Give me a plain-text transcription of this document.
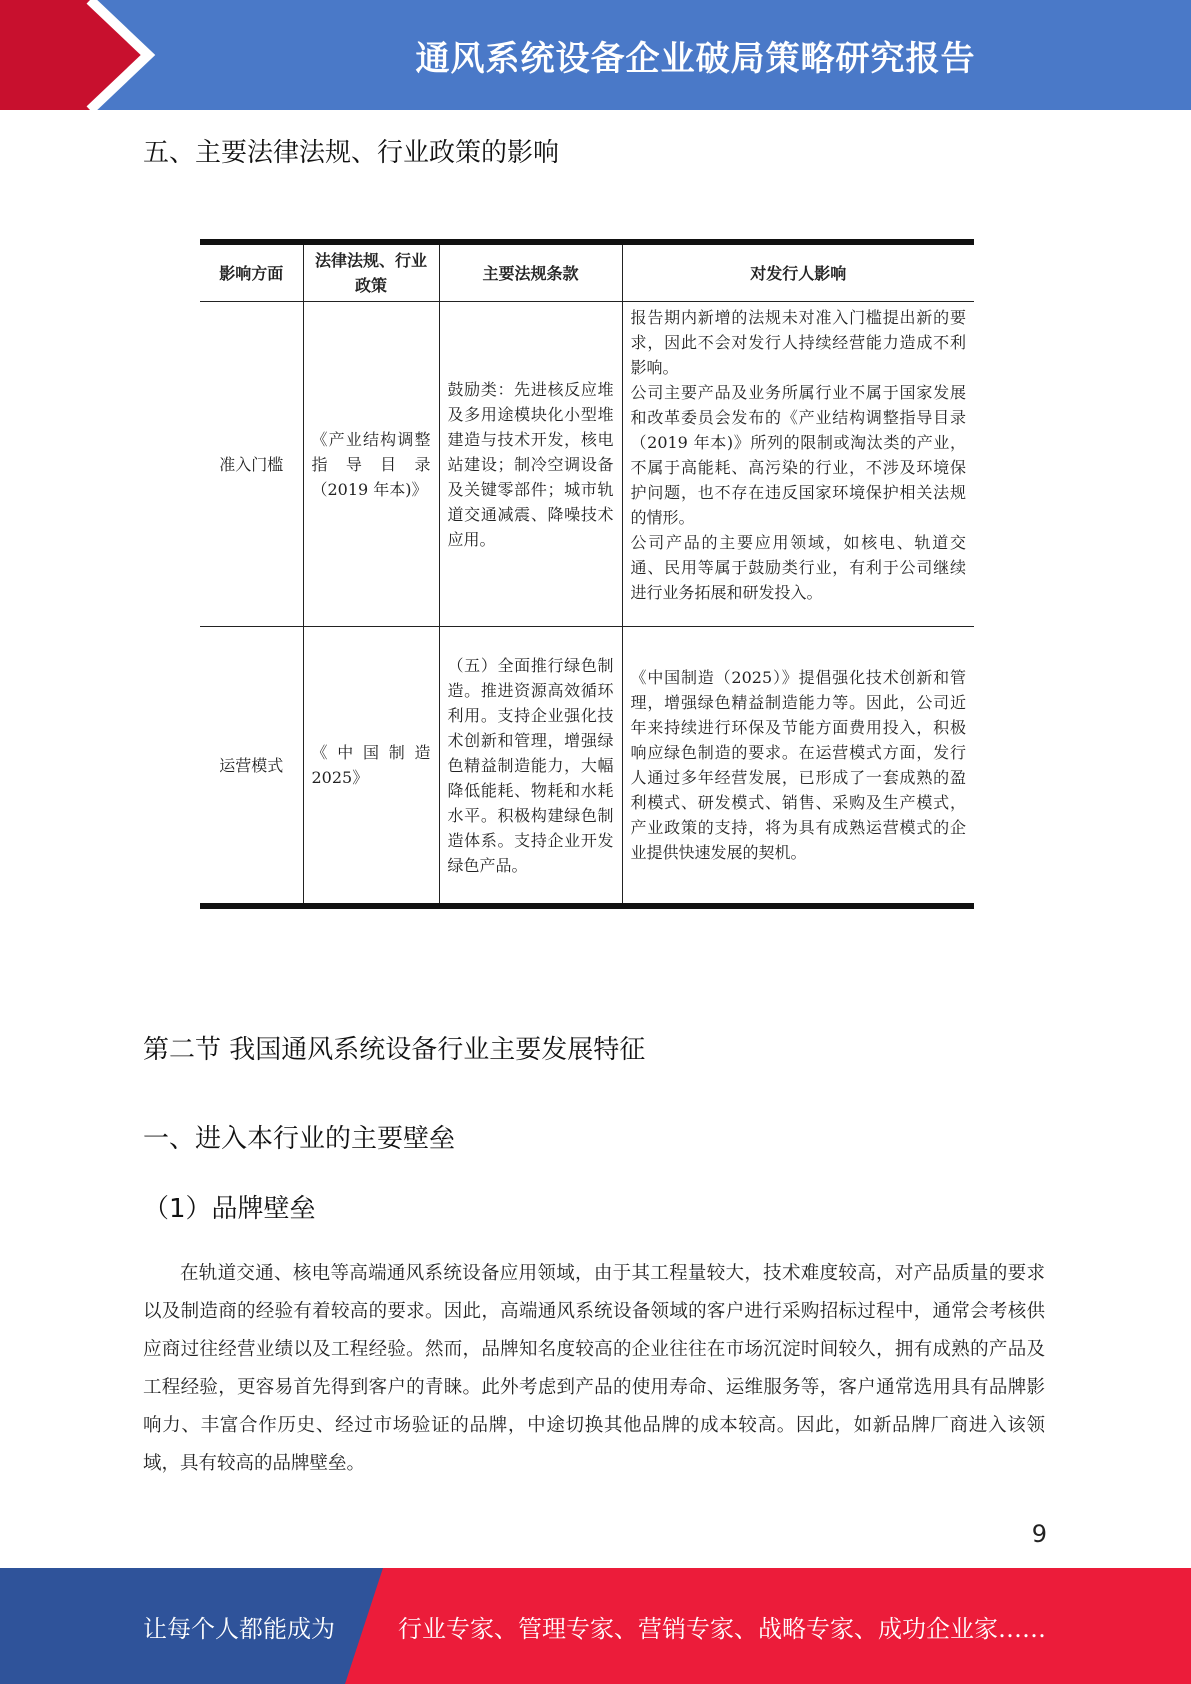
通风系统设备企业破局策略研究报告
五、主要法律法规、行业政策的影响
影响方面	法律法规、行业政策	主要法规条款	对发行人影响
准入门槛	《产业结构调整指导目录（2019 年本)》	鼓励类：先进核反应堆及多用途模块化小型堆建造与技术开发，核电站建设；制冷空调设备及关键零部件；城市轨道交通减震、降噪技术应用。	报告期内新增的法规未对准入门槛提出新的要求，因此不会对发行人持续经营能力造成不利影响。

公司主要产品及业务所属行业不属于国家发展和改革委员会发布的《产业结构调整指导目录（2019 年本)》所列的限制或淘汰类的产业，不属于高能耗、高污染的行业，不涉及环境保护问题，也不存在违反国家环境保护相关法规的情形。

公司产品的主要应用领域，如核电、轨道交通、民用等属于鼓励类行业，有利于公司继续进行业务拓展和研发投入。

运营模式	《中国制造 2025》	（五）全面推行绿色制造。推进资源高效循环利用。支持企业强化技术创新和管理，增强绿色精益制造能力，大幅降低能耗、物耗和水耗水平。积极构建绿色制造体系。支持企业开发绿色产品。	《中国制造（2025）》提倡强化技术创新和管理，增强绿色精益制造能力等。因此，公司近年来持续进行环保及节能方面费用投入，积极响应绿色制造的要求。在运营模式方面，发行人通过多年经营发展，已形成了一套成熟的盈利模式、研发模式、销售、采购及生产模式，产业政策的支持，将为具有成熟运营模式的企业提供快速发展的契机。

第二节 我国通风系统设备行业主要发展特征
一、进入本行业的主要壁垒
（1）品牌壁垒

在轨道交通、核电等高端通风系统设备应用领域，由于其工程量较大，技术难度较高，对产品质量的要求以及制造商的经验有着较高的要求。因此，高端通风系统设备领域的客户进行采购招标过程中，通常会考核供应商过往经营业绩以及工程经验。然而，品牌知名度较高的企业往往在市场沉淀时间较久，拥有成熟的产品及工程经验，更容易首先得到客户的青睐。此外考虑到产品的使用寿命、运维服务等，客户通常选用具有品牌影响力、丰富合作历史、经过市场验证的品牌，中途切换其他品牌的成本较高。因此，如新品牌厂商进入该领域，具有较高的品牌壁垒。

9
让每个人都能成为	行业专家、管理专家、营销专家、战略专家、成功企业家……
